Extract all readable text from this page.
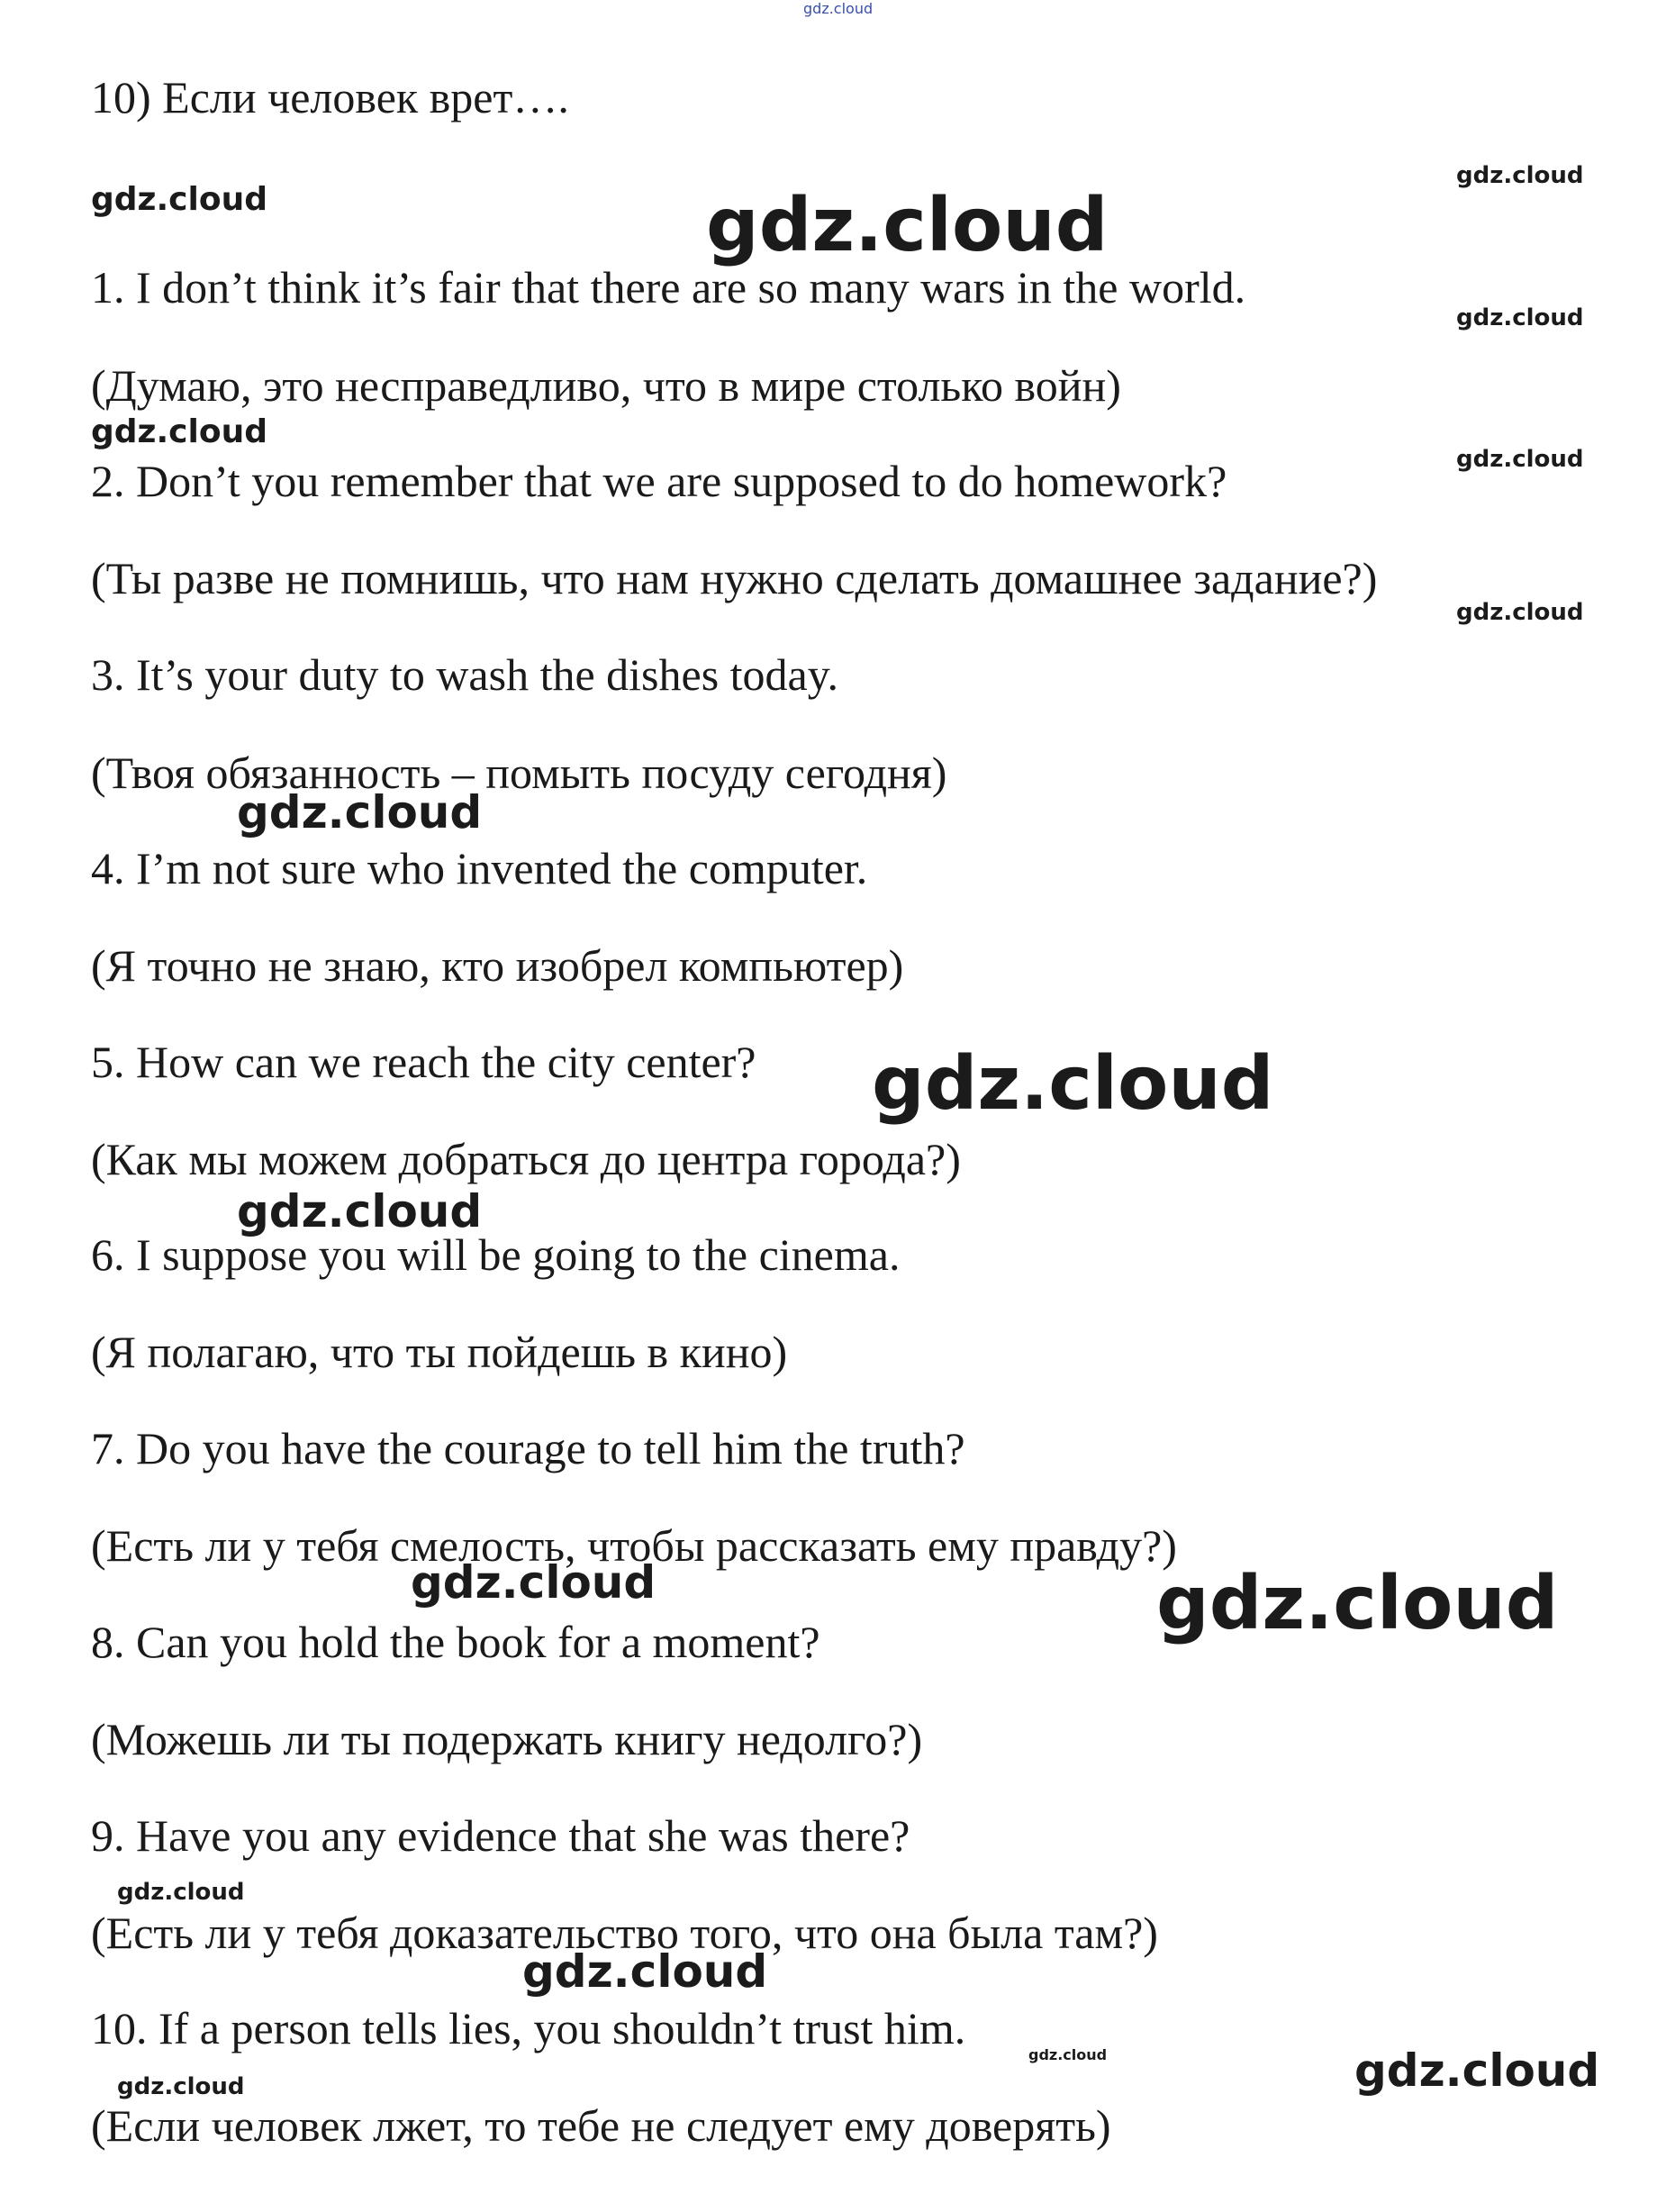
10) Если человек врет….
1. I don’t think it’s fair that there are so many wars in the world.
(Думаю, это несправедливо, что в мире столько войн)
2. Don’t you remember that we are supposed to do homework?
(Ты разве не помнишь, что нам нужно сделать домашнее задание?)
3. It’s your duty to wash the dishes today.
(Твоя обязанность – помыть посуду сегодня)
4. I’m not sure who invented the computer.
(Я точно не знаю, кто изобрел компьютер)
5. How can we reach the city center?
(Как мы можем добраться до центра города?)
6. I suppose you will be going to the cinema.
(Я полагаю, что ты пойдешь в кино)
7. Do you have the courage to tell him the truth?
(Есть ли у тебя смелость, чтобы рассказать ему правду?)
8. Can you hold the book for a moment?
(Можешь ли ты подержать книгу недолго?)
9. Have you any evidence that she was there?
(Есть ли у тебя доказательство того, что она была там?)
10. If a person tells lies, you shouldn’t trust him.
(Если человек лжет, то тебе не следует ему доверять)
gdz.cloud
gdz.cloud
gdz.cloud	gdz.cloud
gdz.cloud
gdz.cloud
gdz.cloud
gdz.cloud
gdz.cloud
gdz.cloud
gdz.cloud
gdz.cloud	gdz.cloud
gdz.cloud
gdz.cloud
gdz.cloud	gdz.cloud
gdz.cloud
